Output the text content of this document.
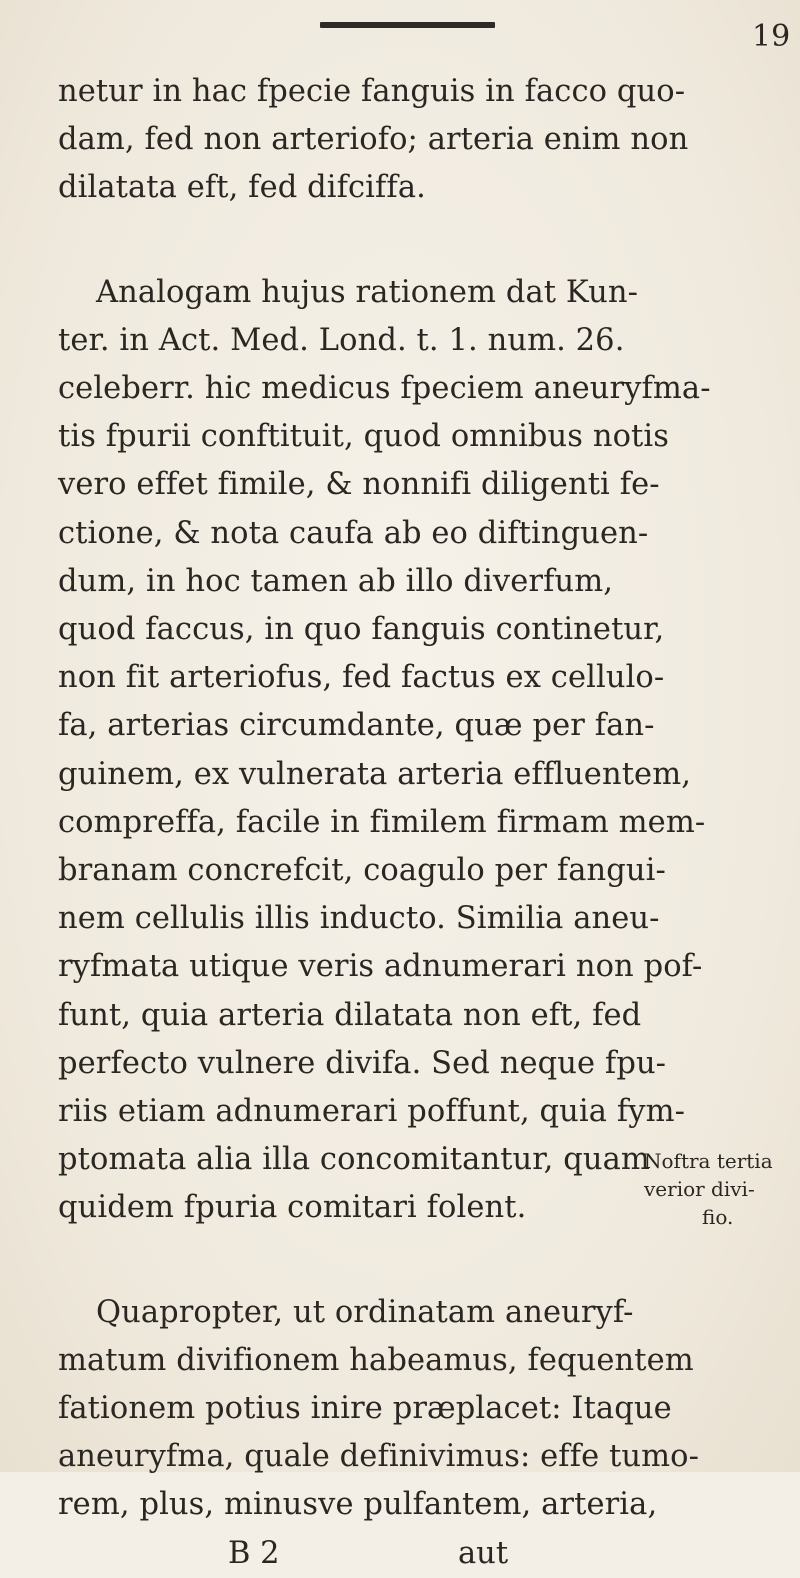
19
netur in hac fpecie fanguis in facco quo-
dam, fed non arteriofo; arteria enim non
dilatata eft, fed difciffa.
Analogam hujus rationem dat Kun-
ter. in Act. Med. Lond. t. 1. num. 26.
celeberr. hic medicus fpeciem aneuryfma-
tis fpurii conftituit, quod omnibus notis
vero effet fimile, & nonnifi diligenti fe-
ctione, & nota caufa ab eo diftinguen-
dum, in hoc tamen ab illo diverfum,
quod faccus, in quo fanguis continetur,
non fit arteriofus, fed factus ex cellulo-
fa, arterias circumdante, quæ per fan-
guinem, ex vulnerata arteria effluentem,
compreffa, facile in fimilem firmam mem-
branam concrefcit, coagulo per fangui-
nem cellulis illis inducto. Similia aneu-
ryfmata utique veris adnumerari non pof-
funt, quia arteria dilatata non eft, fed
perfecto vulnere divifa. Sed neque fpu-
riis etiam adnumerari poffunt, quia fym-
ptomata alia illa concomitantur, quam
quidem fpuria comitari folent.
Quapropter, ut ordinatam aneuryf-
matum divifionem habeamus, fequentem
fationem potius inire præplacet: Itaque
aneuryfma, quale definivimus: effe tumo-
rem, plus, minusve pulfantem, arteria,
B 2	aut
Noftra tertia
verior divi-
fio.
